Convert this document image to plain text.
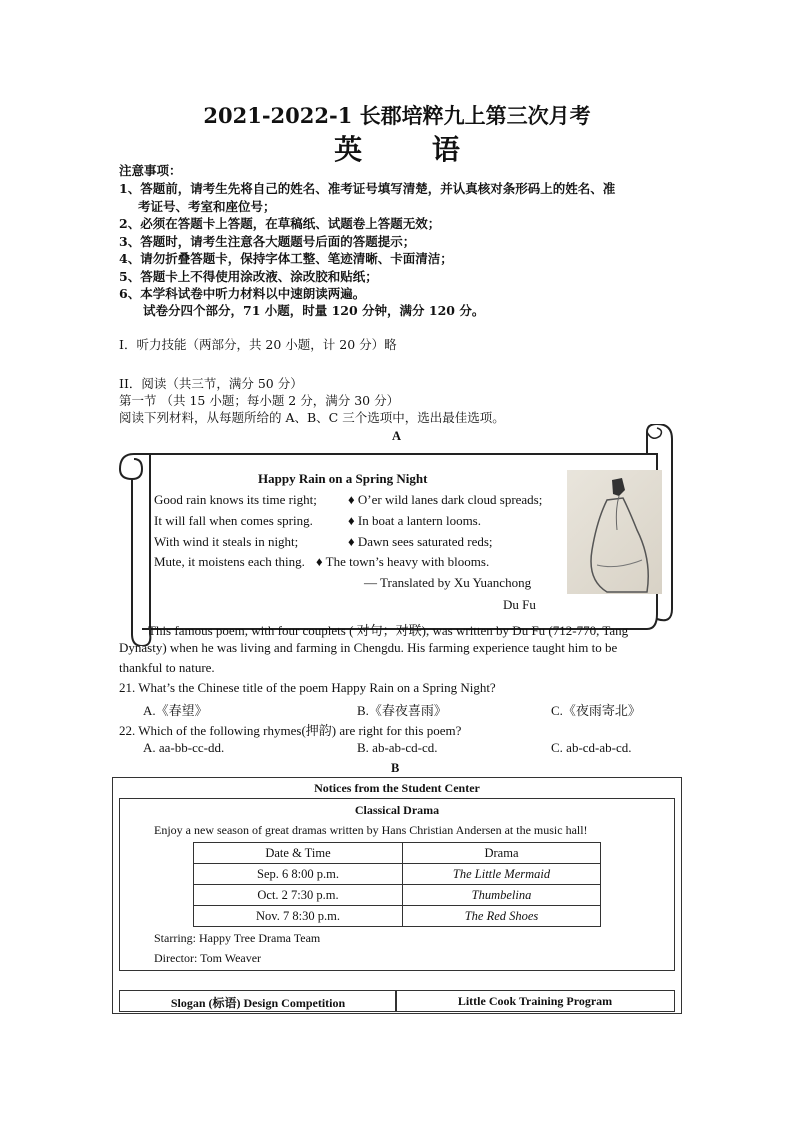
2021-2022-1 长郡培粹九上第三次月考
英 语
注意事项：
1、答题前，请考生先将自己的姓名、准考证号填写清楚，并认真核对条形码上的姓名、准
考证号、考室和座位号；
2、必须在答题卡上答题，在草稿纸、试题卷上答题无效；
3、答题时，请考生注意各大题题号后面的答题提示；
4、请勿折叠答题卡，保持字体工整、笔迹清晰、卡面清洁；
5、答题卡上不得使用涂改液、涂改胶和贴纸；
6、本学科试卷中听力材料以中速朗读两遍。
试卷分四个部分，71 小题，时量 120 分钟，满分 120 分。
I．听力技能（两部分，共 20 小题，计 20 分）略
II．阅读（共三节，满分 50 分）
第一节 （共 15 小题；每小题 2 分，满分 30 分）
阅读下列材料，从每题所给的 A、B、C 三个选项中，选出最佳选项。
A
Happy Rain on a Spring Night
Good rain knows its time right; ♦ O’er wild lanes dark cloud spreads;
It will fall when comes spring.	♦ In boat a lantern looms.
With wind it steals in night;	♦ Dawn sees saturated reds;
Mute, it moistens each thing. ♦ The town’s heavy with blooms.
— Translated by Xu Yuanchong
Du Fu
This famous poem, with four couplets ( 对句；对联), was written by Du Fu (712-770, Tang
Dynasty) when he was living and farming in Chengdu. His farming experience taught him to be
thankful to nature.
21. What’s the Chinese title of the poem Happy Rain on a Spring Night?
A.《春望》	B.《春夜喜雨》	C.《夜雨寄北》
22. Which of the following rhymes(押韵) are right for this poem?
A. aa-bb-cc-dd.	B. ab-ab-cd-cd.	C. ab-cd-ab-cd.
B
Notices from the Student Center
Classical Drama
Enjoy a new season of great dramas written by Hans Christian Andersen at the music hall!
Date & Time	Drama
Sep. 6 8:00 p.m.	The Little Mermaid
Oct. 2 7:30 p.m.	Thumbelina
Nov. 7 8:30 p.m.	The Red Shoes
Starring: Happy Tree Drama Team
Director: Tom Weaver
Slogan (标语) Design Competition	Little Cook Training Program
